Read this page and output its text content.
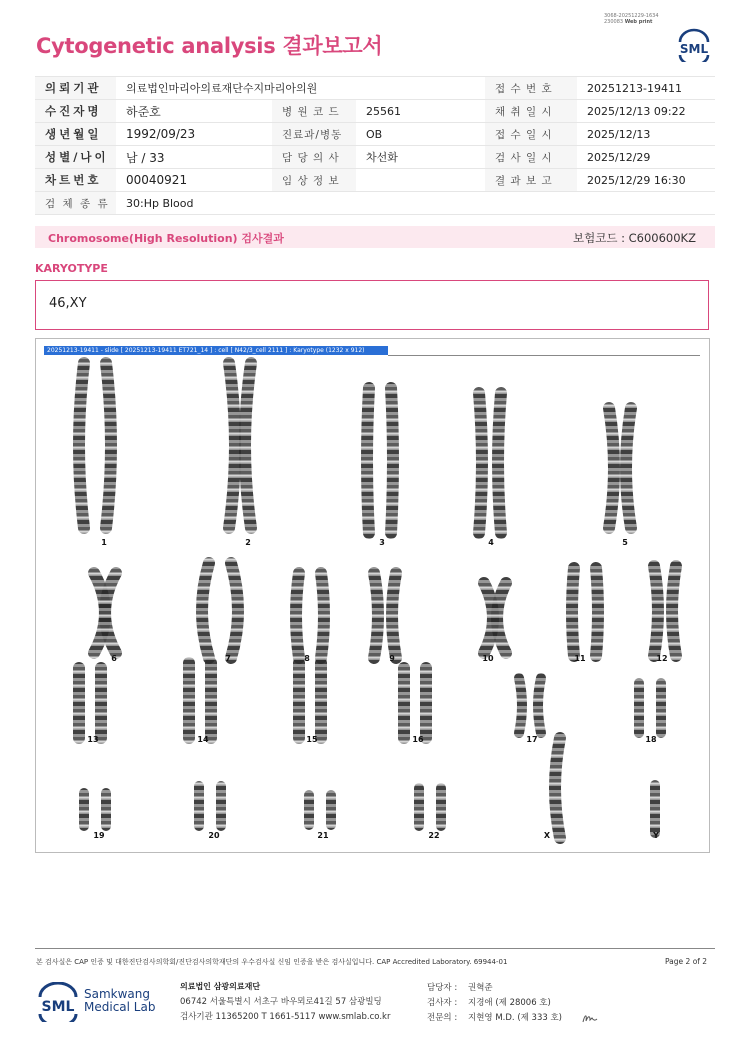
3068-20251229-1634
230083 Web print
Cytogenetic analysis 결과보고서	SML
의뢰기관	의료법인마리아의료재단수지마리아의원			접 수 번 호	20251213-19411
수진자명	하준호	병 원 코 드	25561	채 취 일 시	2025/12/13 09:22
생년월일	1992/09/23	진료과/병동	OB	접 수 일 시	2025/12/13
성별/나이	남 / 33	담 당 의 사	차선화	검 사 일 시	2025/12/29
차트번호	00040921	임 상 정 보		결 과 보 고	2025/12/29 16:30
검 체 종 류	30:Hp Blood				
Chromosome(High Resolution) 검사결과	보험코드 : C600600KZ
KARYOTYPE
46,XY
20251213-19411 - slide [ 20251213-19411 ET721_14 ] : cell [ N42/3_cell 2111 ] : Karyotype (1232 x 912)
1	2	3	4	5
6	7	8	9	10	11	12
13	14	15	16	17	18
19	20	21	22	X	Y
본 검사실은 CAP 인증 및 대한진단검사의학회/진단검사의학재단의 우수검사실 신임 인증을 받은 검사실입니다. CAP Accredited Laboratory. 69944-01	Page 2 of 2
SML
Samkwang
Medical Lab
의료법인 삼광의료재단
06742 서울특별시 서초구 바우뫼로41길 57 삼광빌딩
검사기관 11365200 T 1661-5117 www.smlab.co.kr
담당자 : 권혁준
검사자 : 지경애 (제 28006 호)
전문의 : 지현영 M.D. (제 333 호)
